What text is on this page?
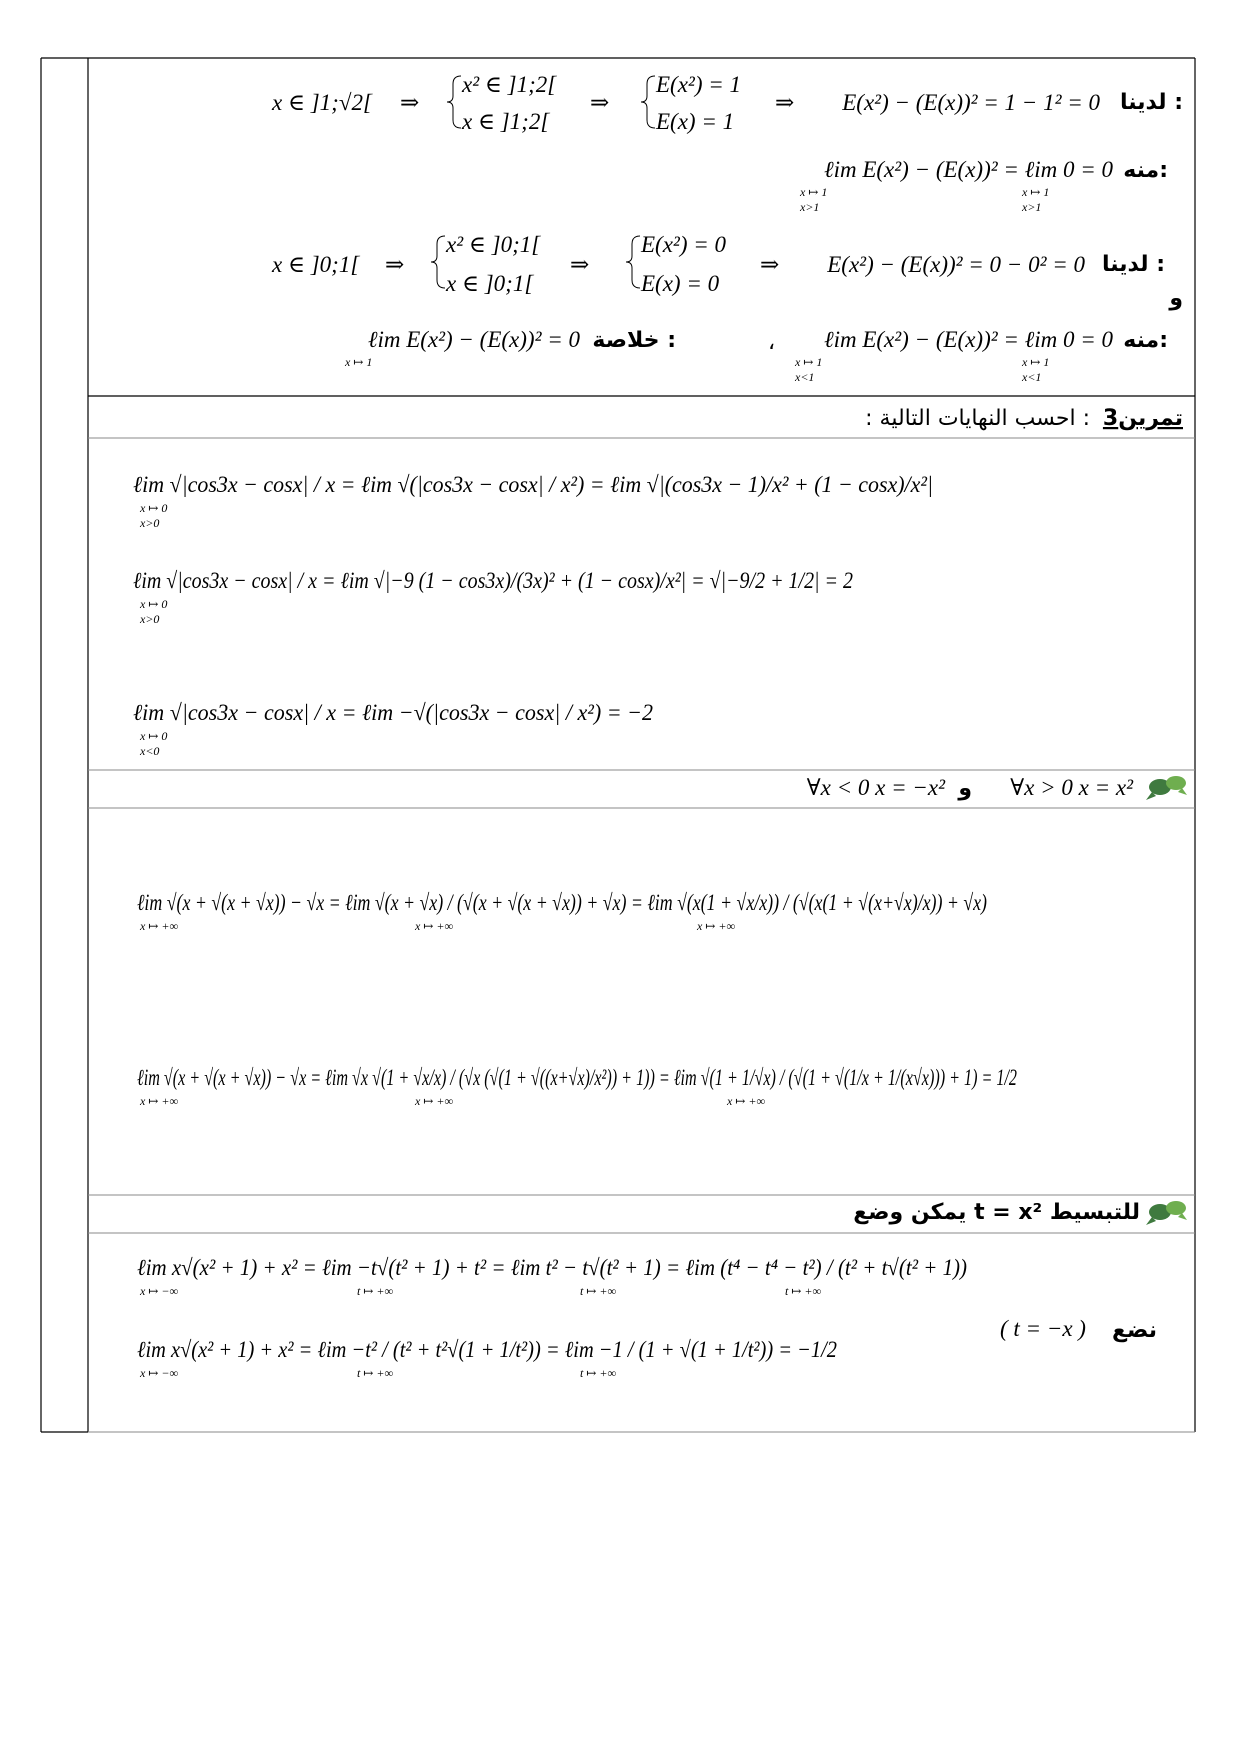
لدينا :
E(x²) − (E(x))² = 1 − 1² = 0
⇒
E(x²) = 1
E(x) = 1
⇒
x² ∈ ]1;2[
x ∈ ]1;2[
⇒
x ∈ ]1;√2[
منه:
ℓim E(x²) − (E(x))² = ℓim 0 = 0
x ↦ 1
x>1
x ↦ 1
x>1
لدينا :
E(x²) − (E(x))² = 0 − 0² = 0
⇒
E(x²) = 0
E(x) = 0
⇒
x² ∈ ]0;1[
x ∈ ]0;1[
⇒
x ∈ ]0;1[
و
منه:
ℓim E(x²) − (E(x))² = ℓim 0 = 0
x ↦ 1
x<1
x ↦ 1
x<1
،
خلاصة :
ℓim E(x²) − (E(x))² = 0
x ↦ 1
تمرين3
: احسب النهايات التالية :
ℓim √|cos3x − cosx| / x = ℓim √(|cos3x − cosx| / x²) = ℓim √|(cos3x − 1)/x² + (1 − cosx)/x²|
x ↦ 0
x>0
ℓim √|cos3x − cosx| / x = ℓim √|−9 (1 − cos3x)/(3x)² + (1 − cosx)/x²| = √|−9/2 + 1/2| = 2
x ↦ 0
x>0
ℓim √|cos3x − cosx| / x = ℓim −√(|cos3x − cosx| / x²) = −2
x ↦ 0
x<0
∀x > 0 x = x²
و
∀x < 0 x = −x²
ℓim √(x + √(x + √x)) − √x = ℓim √(x + √x) / (√(x + √(x + √x)) + √x) = ℓim √(x(1 + √x/x)) / (√(x(1 + √(x+√x)/x)) + √x)
x ↦ +∞	x ↦ +∞	x ↦ +∞
ℓim √(x + √(x + √x)) − √x = ℓim √x √(1 + √x/x) / (√x (√(1 + √((x+√x)/x²)) + 1)) = ℓim √(1 + 1/√x) / (√(1 + √(1/x + 1/(x√x))) + 1) = 1/2
x ↦ +∞	x ↦ +∞	x ↦ +∞
يمكن وضع t = x² للتبسيط
ℓim x√(x² + 1) + x² = ℓim −t√(t² + 1) + t² = ℓim t² − t√(t² + 1) = ℓim (t⁴ − t⁴ − t²) / (t² + t√(t² + 1))
x ↦ −∞	t ↦ +∞	t ↦ +∞	t ↦ +∞
ℓim x√(x² + 1) + x² = ℓim −t² / (t² + t²√(1 + 1/t²)) = ℓim −1 / (1 + √(1 + 1/t²)) = −1/2
x ↦ −∞	t ↦ +∞	t ↦ +∞
نضع
( t = −x )
